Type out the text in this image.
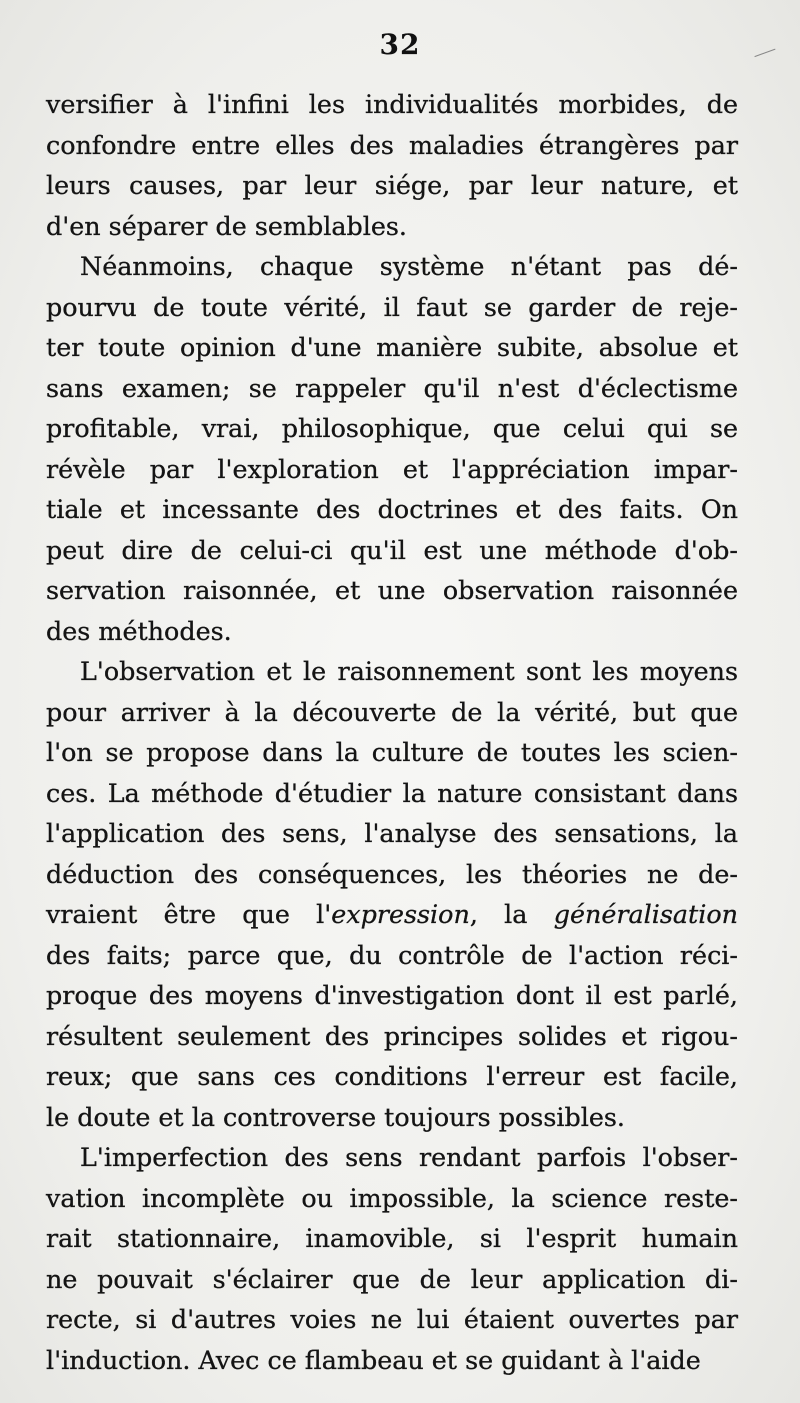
32
versifier à l'infini les individualités morbides, de
confondre entre elles des maladies étrangères par
leurs causes, par leur siége, par leur nature, et
d'en séparer de semblables.
Néanmoins, chaque système n'étant pas dé-
pourvu de toute vérité, il faut se garder de reje-
ter toute opinion d'une manière subite, absolue et
sans examen; se rappeler qu'il n'est d'éclectisme
profitable, vrai, philosophique, que celui qui se
révèle par l'exploration et l'appréciation impar-
tiale et incessante des doctrines et des faits. On
peut dire de celui-ci qu'il est une méthode d'ob-
servation raisonnée, et une observation raisonnée
des méthodes.
L'observation et le raisonnement sont les moyens
pour arriver à la découverte de la vérité, but que
l'on se propose dans la culture de toutes les scien-
ces. La méthode d'étudier la nature consistant dans
l'application des sens, l'analyse des sensations, la
déduction des conséquences, les théories ne de-
vraient être que l'expression, la généralisation
des faits; parce que, du contrôle de l'action réci-
proque des moyens d'investigation dont il est parlé,
résultent seulement des principes solides et rigou-
reux; que sans ces conditions l'erreur est facile,
le doute et la controverse toujours possibles.
L'imperfection des sens rendant parfois l'obser-
vation incomplète ou impossible, la science reste-
rait stationnaire, inamovible, si l'esprit humain
ne pouvait s'éclairer que de leur application di-
recte, si d'autres voies ne lui étaient ouvertes par
l'induction. Avec ce flambeau et se guidant à l'aide
